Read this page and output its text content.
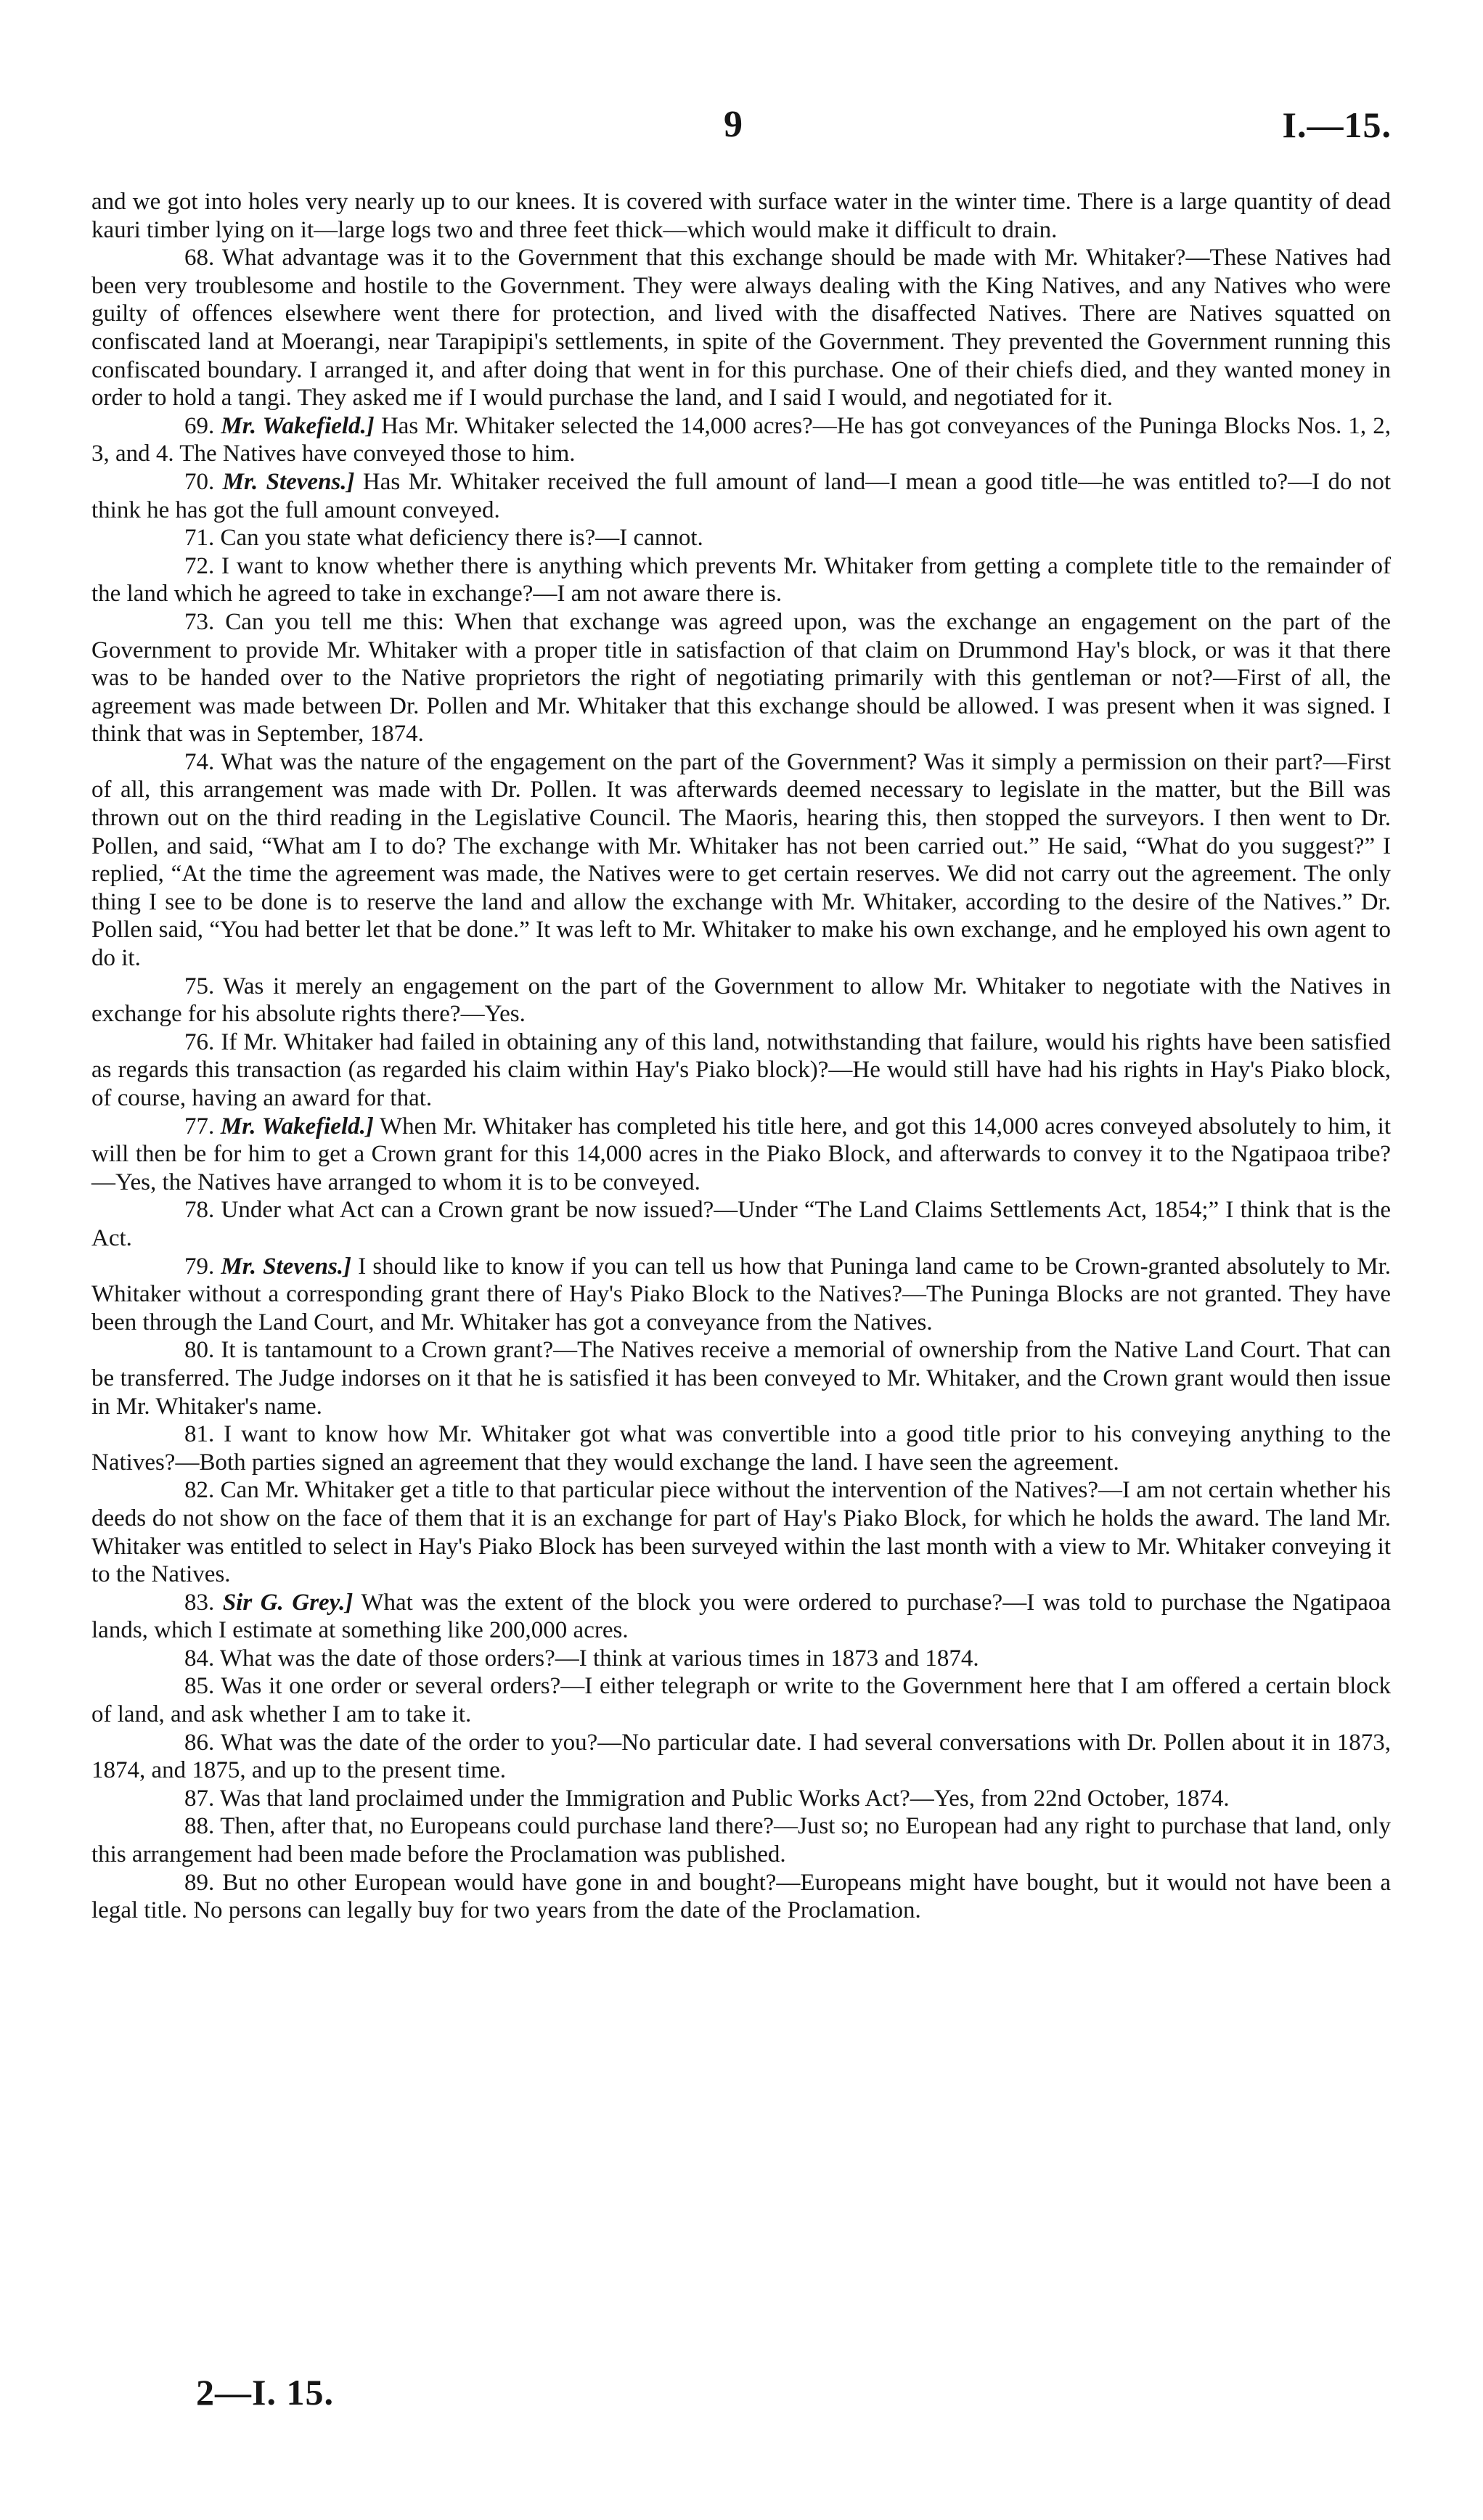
9	I.—15.

and we got into holes very nearly up to our knees. It is covered with surface water in the winter time. There is a large quantity of dead kauri timber lying on it—large logs two and three feet thick—which would make it difficult to drain.

68. What advantage was it to the Government that this exchange should be made with Mr. Whitaker?—These Natives had been very troublesome and hostile to the Government. They were always dealing with the King Natives, and any Natives who were guilty of offences elsewhere went there for protection, and lived with the disaffected Natives. There are Natives squatted on confiscated land at Moerangi, near Tarapipipi's settlements, in spite of the Government. They prevented the Government running this confiscated boundary. I arranged it, and after doing that went in for this purchase. One of their chiefs died, and they wanted money in order to hold a tangi. They asked me if I would purchase the land, and I said I would, and negotiated for it.

69. Mr. Wakefield.] Has Mr. Whitaker selected the 14,000 acres?—He has got conveyances of the Puninga Blocks Nos. 1, 2, 3, and 4. The Natives have conveyed those to him.

70. Mr. Stevens.] Has Mr. Whitaker received the full amount of land—I mean a good title—he was entitled to?—I do not think he has got the full amount conveyed.

71. Can you state what deficiency there is?—I cannot.

72. I want to know whether there is anything which prevents Mr. Whitaker from getting a complete title to the remainder of the land which he agreed to take in exchange?—I am not aware there is.

73. Can you tell me this: When that exchange was agreed upon, was the exchange an engagement on the part of the Government to provide Mr. Whitaker with a proper title in satisfaction of that claim on Drummond Hay's block, or was it that there was to be handed over to the Native proprietors the right of negotiating primarily with this gentleman or not?—First of all, the agreement was made between Dr. Pollen and Mr. Whitaker that this exchange should be allowed. I was present when it was signed. I think that was in September, 1874.

74. What was the nature of the engagement on the part of the Government? Was it simply a permission on their part?—First of all, this arrangement was made with Dr. Pollen. It was afterwards deemed necessary to legislate in the matter, but the Bill was thrown out on the third reading in the Legislative Council. The Maoris, hearing this, then stopped the surveyors. I then went to Dr. Pollen, and said, “What am I to do? The exchange with Mr. Whitaker has not been carried out.” He said, “What do you suggest?” I replied, “At the time the agreement was made, the Natives were to get certain reserves. We did not carry out the agreement. The only thing I see to be done is to reserve the land and allow the exchange with Mr. Whitaker, according to the desire of the Natives.” Dr. Pollen said, “You had better let that be done.” It was left to Mr. Whitaker to make his own exchange, and he employed his own agent to do it.

75. Was it merely an engagement on the part of the Government to allow Mr. Whitaker to negotiate with the Natives in exchange for his absolute rights there?—Yes.

76. If Mr. Whitaker had failed in obtaining any of this land, notwithstanding that failure, would his rights have been satisfied as regards this transaction (as regarded his claim within Hay's Piako block)?—He would still have had his rights in Hay's Piako block, of course, having an award for that.

77. Mr. Wakefield.] When Mr. Whitaker has completed his title here, and got this 14,000 acres conveyed absolutely to him, it will then be for him to get a Crown grant for this 14,000 acres in the Piako Block, and afterwards to convey it to the Ngatipaoa tribe?—Yes, the Natives have arranged to whom it is to be conveyed.

78. Under what Act can a Crown grant be now issued?—Under “The Land Claims Settlements Act, 1854;” I think that is the Act.

79. Mr. Stevens.] I should like to know if you can tell us how that Puninga land came to be Crown-granted absolutely to Mr. Whitaker without a corresponding grant there of Hay's Piako Block to the Natives?—The Puninga Blocks are not granted. They have been through the Land Court, and Mr. Whitaker has got a conveyance from the Natives.

80. It is tantamount to a Crown grant?—The Natives receive a memorial of ownership from the Native Land Court. That can be transferred. The Judge indorses on it that he is satisfied it has been conveyed to Mr. Whitaker, and the Crown grant would then issue in Mr. Whitaker's name.

81. I want to know how Mr. Whitaker got what was convertible into a good title prior to his conveying anything to the Natives?—Both parties signed an agreement that they would exchange the land. I have seen the agreement.

82. Can Mr. Whitaker get a title to that particular piece without the intervention of the Natives?—I am not certain whether his deeds do not show on the face of them that it is an exchange for part of Hay's Piako Block, for which he holds the award. The land Mr. Whitaker was entitled to select in Hay's Piako Block has been surveyed within the last month with a view to Mr. Whitaker conveying it to the Natives.

83. Sir G. Grey.] What was the extent of the block you were ordered to purchase?—I was told to purchase the Ngatipaoa lands, which I estimate at something like 200,000 acres.

84. What was the date of those orders?—I think at various times in 1873 and 1874.

85. Was it one order or several orders?—I either telegraph or write to the Government here that I am offered a certain block of land, and ask whether I am to take it.

86. What was the date of the order to you?—No particular date. I had several conversations with Dr. Pollen about it in 1873, 1874, and 1875, and up to the present time.

87. Was that land proclaimed under the Immigration and Public Works Act?—Yes, from 22nd October, 1874.

88. Then, after that, no Europeans could purchase land there?—Just so; no European had any right to purchase that land, only this arrangement had been made before the Proclamation was published.

89. But no other European would have gone in and bought?—Europeans might have bought, but it would not have been a legal title. No persons can legally buy for two years from the date of the Proclamation.

2—I. 15.
